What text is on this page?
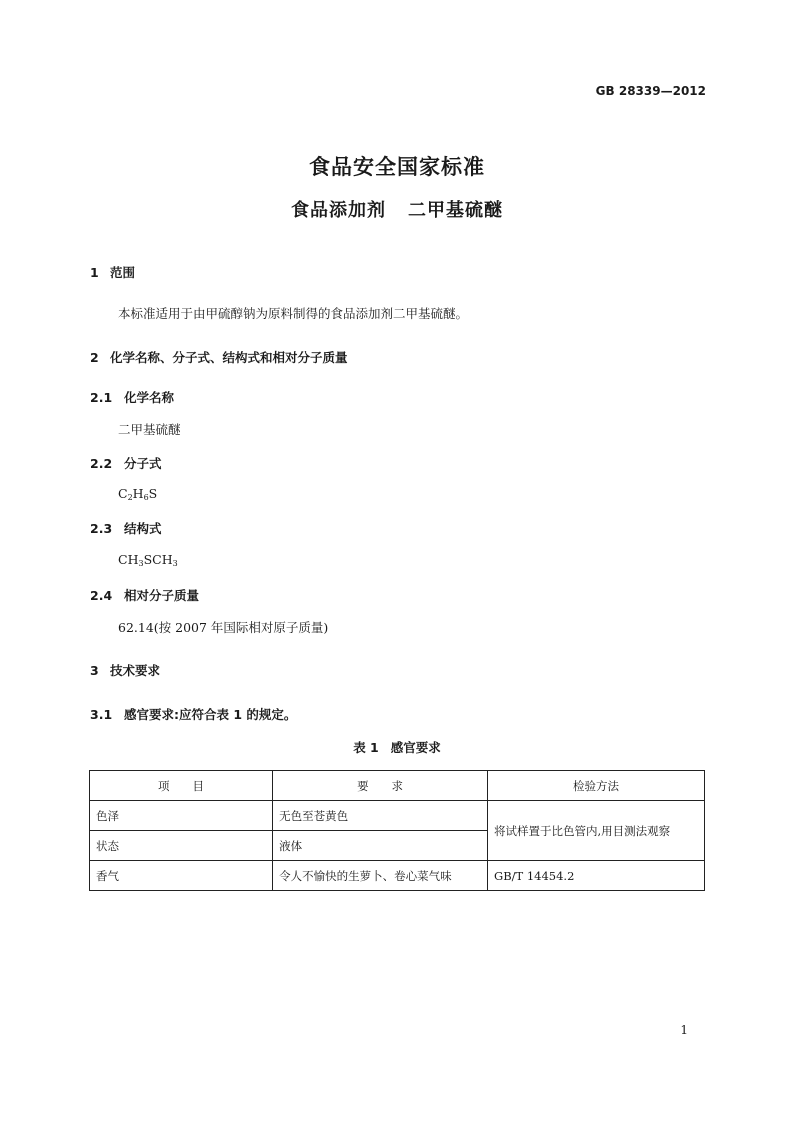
GB 28339—2012
食品安全国家标准
食品添加剂 二甲基硫醚
1 范围
本标准适用于由甲硫醇钠为原料制得的食品添加剂二甲基硫醚。
2 化学名称、分子式、结构式和相对分子质量
2.1 化学名称
二甲基硫醚
2.2 分子式
$C_2H_6S$
2.3 结构式
$CH_3SCH_3$
2.4 相对分子质量
62.14(按 2007 年国际相对原子质量)
3 技术要求
3.1 感官要求:应符合表 1 的规定。
表 1 感官要求
项　　目	要　　求	检验方法
色泽	无色至苍黄色	将试样置于比色管内,用目测法观察
状态	液体	
香气	令人不愉快的生萝卜、卷心菜气味	GB/T 14454.2
1
